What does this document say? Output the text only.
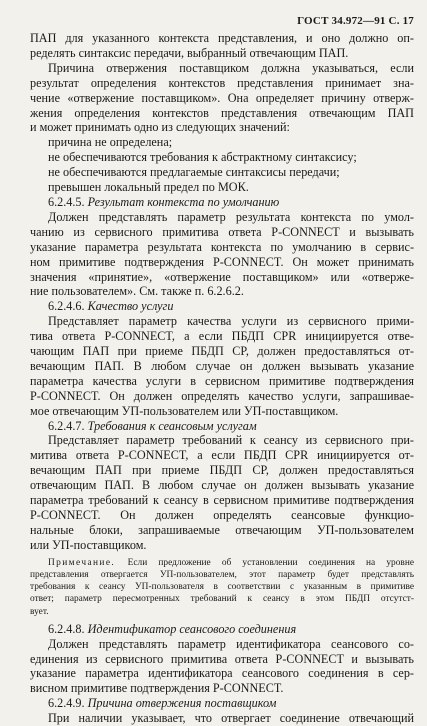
ГОСТ 34.972—91 С. 17
ПАП для указанного контекста представления, и оно должно оп-
ределять синтаксис передачи, выбранный отвечающим ПАП.
Причина отвержения поставщиком должна указываться, если
результат определения контекстов представления принимает зна-
чение «отвержение поставщиком». Она определяет причину отверж-
жения определения контекстов представления отвечающим ПАП
и может принимать одно из следующих значений:
причина не определена;
не обеспечиваются требования к абстрактному синтаксису;
не обеспечиваются предлагаемые синтаксисы передачи;
превышен локальный предел по МОК.
6.2.4.5. Результат контекста по умолчанию
Должен представлять параметр результата контекста по умол-
чанию из сервисного примитива ответа P-CONNECT и вызывать
указание параметра результата контекста по умолчанию в сервис-
ном примитиве подтверждения P-CONNECT. Он может принимать
значения «принятие», «отвержение поставщиком» или «отверже-
ние пользователем». См. также п. 6.2.6.2.
6.2.4.6. Качество услуги
Представляет параметр качества услуги из сервисного прими-
тива ответа P-CONNECT, а если ПБДП CPR инициируется отве-
чающим ПАП при приеме ПБДП CP, должен предоставляться от-
вечающим ПАП. В любом случае он должен вызывать указание
параметра качества услуги в сервисном примитиве подтверждения
P-CONNECT. Он должен определять качество услуги, запрашивае-
мое отвечающим УП-пользователем или УП-поставщиком.
6.2.4.7. Требования к сеансовым услугам
Представляет параметр требований к сеансу из сервисного при-
митива ответа P-CONNECT, а если ПБДП CPR инициируется от-
вечающим ПАП при приеме ПБДП CP, должен предоставляться
отвечающим ПАП. В любом случае он должен вызывать указание
параметра требований к сеансу в сервисном примитиве подтверждения
P-CONNECT. Он должен определять сеансовые функцио-
нальные блоки, запрашиваемые отвечающим УП-пользователем
или УП-поставщиком.
Примечание. Если предложение об установлении соединения на уровне
представления отвергается УП-пользователем, этот параметр будет представлять
требования к сеансу УП-пользователя в соответствии с указанным в примитиве
ответ; параметр пересмотренных требований к сеансу в этом ПБДП отсутст-
вует.
6.2.4.8. Идентификатор сеансового соединения
Должен представлять параметр идентификатора сеансового со-
единения из сервисного примитива ответа P-CONNECT и вызывать
указание параметра идентификатора сеансового соединения в сер-
висном примитиве подтверждения P-CONNECT.
6.2.4.9. Причина отвержения поставщиком
При наличии указывает, что отвергает соединение отвечающий
